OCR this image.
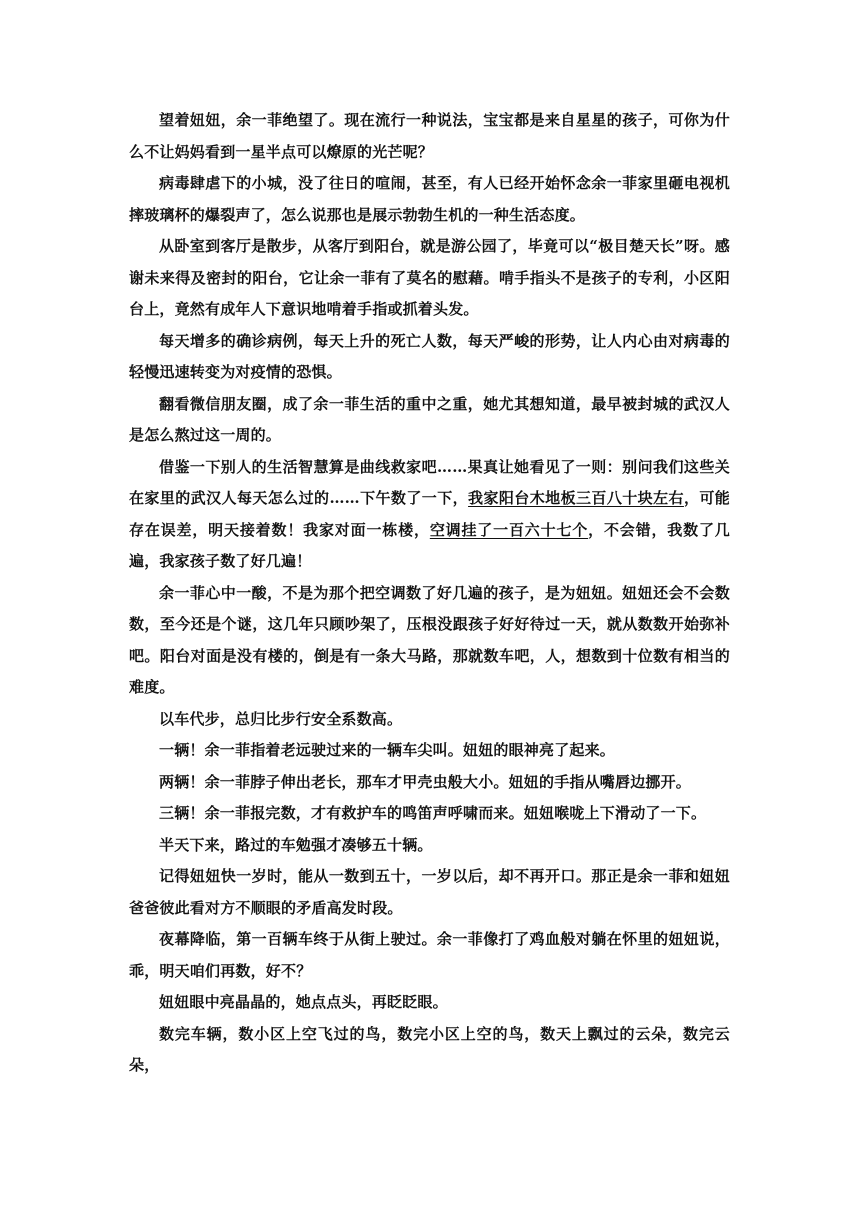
望着妞妞，余一菲绝望了。现在流行一种说法，宝宝都是来自星星的孩子，可你为什么不让妈妈看到一星半点可以燎原的光芒呢？

病毒肆虐下的小城，没了往日的喧闹，甚至，有人已经开始怀念余一菲家里砸电视机摔玻璃杯的爆裂声了，怎么说那也是展示勃勃生机的一种生活态度。

从卧室到客厅是散步，从客厅到阳台，就是游公园了，毕竟可以“极目楚天长”呀。感谢未来得及密封的阳台，它让余一菲有了莫名的慰藉。啃手指头不是孩子的专利，小区阳台上，竟然有成年人下意识地啃着手指或抓着头发。

每天增多的确诊病例，每天上升的死亡人数，每天严峻的形势，让人内心由对病毒的轻慢迅速转变为对疫情的恐惧。

翻看微信朋友圈，成了余一菲生活的重中之重，她尤其想知道，最早被封城的武汉人是怎么熬过这一周的。

借鉴一下别人的生活智慧算是曲线救家吧……果真让她看见了一则：别问我们这些关在家里的武汉人每天怎么过的……下午数了一下，我家阳台木地板三百八十块左右，可能存在误差，明天接着数！我家对面一栋楼，空调挂了一百六十七个，不会错，我数了几遍，我家孩子数了好几遍！

余一菲心中一酸，不是为那个把空调数了好几遍的孩子，是为妞妞。妞妞还会不会数数，至今还是个谜，这几年只顾吵架了，压根没跟孩子好好待过一天，就从数数开始弥补吧。阳台对面是没有楼的，倒是有一条大马路，那就数车吧，人，想数到十位数有相当的难度。

以车代步，总归比步行安全系数高。

一辆！余一菲指着老远驶过来的一辆车尖叫。妞妞的眼神亮了起来。

两辆！余一菲脖子伸出老长，那车才甲壳虫般大小。妞妞的手指从嘴唇边挪开。

三辆！余一菲报完数，才有救护车的鸣笛声呼啸而来。妞妞喉咙上下滑动了一下。

半天下来，路过的车勉强才凑够五十辆。

记得妞妞快一岁时，能从一数到五十，一岁以后，却不再开口。那正是余一菲和妞妞爸爸彼此看对方不顺眼的矛盾高发时段。

夜幕降临，第一百辆车终于从街上驶过。余一菲像打了鸡血般对躺在怀里的妞妞说，乖，明天咱们再数，好不？

妞妞眼中亮晶晶的，她点点头，再眨眨眼。

数完车辆，数小区上空飞过的鸟，数完小区上空的鸟，数天上飘过的云朵，数完云朵，
